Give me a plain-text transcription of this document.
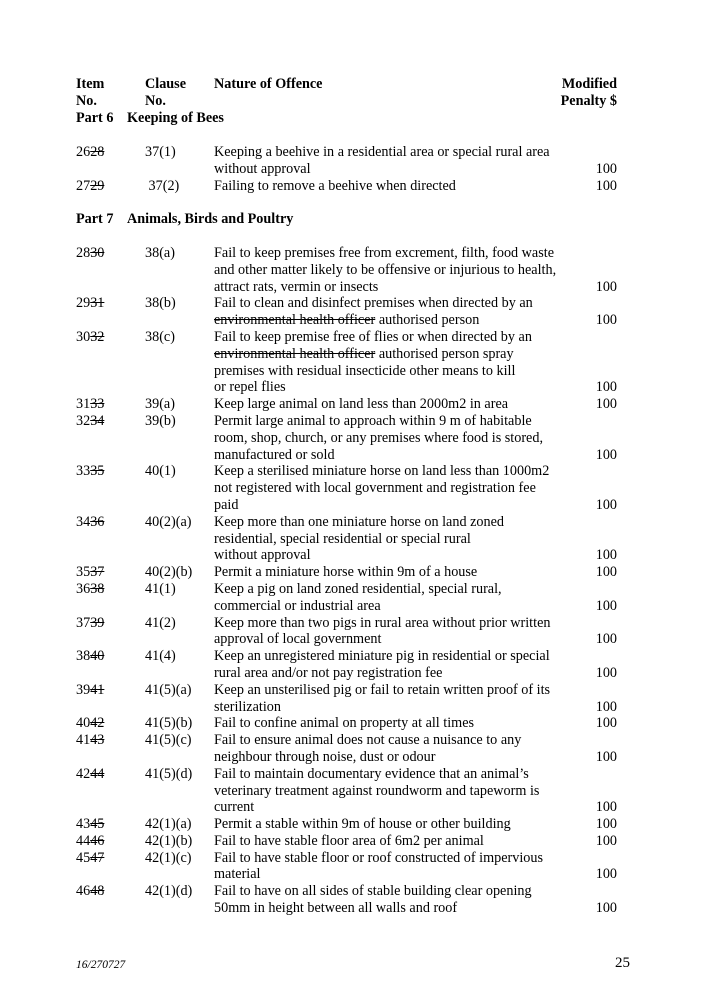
Item
No.
Clause
No.
Nature of Offence	Modified
Penalty $
Part 6 Keeping of Bees
2628	37(1)	Keeping a beehive in a residential area or special rural area
without approval	100
2729	37(2)	Failing to remove a beehive when directed	100
Part 7 Animals, Birds and Poultry
2830	38(a)	Fail to keep premises free from excrement, filth, food waste
and other matter likely to be offensive or injurious to health,
attract rats, vermin or insects	100
2931	38(b)	Fail to clean and disinfect premises when directed by an
environmental health officer authorised person	100
3032	38(c)	Fail to keep premise free of flies or when directed by an
environmental health officer authorised person spray
premises with residual insecticide other means to kill
or repel flies	100
3133	39(a)	Keep large animal on land less than 2000m2 in area	100
3234	39(b)	Permit large animal to approach within 9 m of habitable
room, shop, church, or any premises where food is stored,
manufactured or sold	100
3335	40(1)	Keep a sterilised miniature horse on land less than 1000m2
not registered with local government and registration fee
paid	100
3436	40(2)(a)	Keep more than one miniature horse on land zoned
residential, special residential or special rural
without approval	100
3537	40(2)(b)	Permit a miniature horse within 9m of a house	100
3638	41(1)	Keep a pig on land zoned residential, special rural,
commercial or industrial area	100
3739	41(2)	Keep more than two pigs in rural area without prior written
approval of local government	100
3840	41(4)	Keep an unregistered miniature pig in residential or special
rural area and/or not pay registration fee	100
3941	41(5)(a)	Keep an unsterilised pig or fail to retain written proof of its
sterilization	100
4042	41(5)(b)	Fail to confine animal on property at all times	100
4143	41(5)(c)	Fail to ensure animal does not cause a nuisance to any
neighbour through noise, dust or odour	100
4244	41(5)(d)	Fail to maintain documentary evidence that an animal’s
veterinary treatment against roundworm and tapeworm is
current	100
4345	42(1)(a)	Permit a stable within 9m of house or other building	100
4446	42(1)(b)	Fail to have stable floor area of 6m2 per animal	100
4547	42(1)(c)	Fail to have stable floor or roof constructed of impervious
material	100
4648	42(1)(d)	Fail to have on all sides of stable building clear opening
50mm in height between all walls and roof	100
16/270727	25
